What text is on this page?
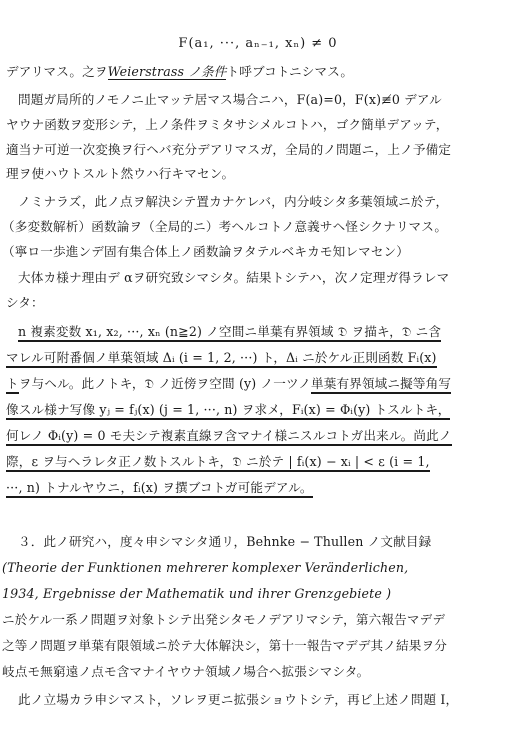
F(a₁, ···, aₙ₋₁, xₙ) ≠ 0
デアリマス。之ヲWeierstrass ノ条件ト呼ブコトニシマス。
問題ガ局所的ノモノニ止マッテ居マス場合ニハ，F(a)=0，F(x)≢0 デアル
ヤウナ函数ヲ変形シテ，上ノ条件ヲミタサシメルコトハ，ゴク簡単デアッテ，
適当ナ可逆一次変換ヲ行ヘバ充分デアリマスガ，全局的ノ問題ニ，上ノ予備定
理ヲ使ハウトスルト然ウハ行キマセン。
ノミナラズ，此ノ点ヲ解決シテ置カナケレバ，内分岐シタ多葉領域ニ於テ，
（多変数解析）函数論ヲ（全局的ニ）考ヘルコトノ意義サヘ怪シクナリマス。
（寧ロ一歩進ンデ固有集合体上ノ函数論ヲタテルベキカモ知レマセン）
大体カ様ナ理由デ αヲ研究致シマシタ。結果トシテハ，次ノ定理ガ得ラレマ
シタ：
n 複素変数 x₁, x₂, ···, xₙ (n≧2) ノ空間ニ単葉有界領域 𝔇 ヲ描キ，𝔇 ニ含
マレル可附番個ノ単葉領域 Δᵢ (i = 1, 2, ···) ト，Δᵢ ニ於ケル正則函数 Fᵢ(x)
トヲ与ヘル。此ノトキ，𝔇 ノ近傍ヲ空間 (y) ノ一ツノ単葉有界領域ニ擬等角写
像スル様ナ写像 yⱼ = fⱼ(x) (j = 1, ···, n) ヲ求メ，Fᵢ(x) = Φᵢ(y) トスルトキ，
何レノ Φᵢ(y) = 0 モ夫シテ複素直線ヲ含マナイ様ニスルコトガ出来ル。尚此ノ
際，ε ヲ与ヘラレタ正ノ数トスルトキ，𝔇 ニ於テ | fᵢ(x) − xᵢ | < ε (i = 1,
···, n) トナルヤウニ，fᵢ(x) ヲ撰ブコトガ可能デアル。
３．此ノ研究ハ，度々申シマシタ通リ，Behnke − Thullen ノ文献目録
(Theorie der Funktionen mehrerer komplexer Veränderlichen,
1934, Ergebnisse der Mathematik und ihrer Grenzgebiete )
ニ於ケル一系ノ問題ヲ対象トシテ出発シタモノデアリマシテ，第六報告マデデ
之等ノ問題ヲ単葉有限領域ニ於テ大体解決シ，第十一報告マデデ其ノ結果ヲ分
岐点モ無窮遠ノ点モ含マナイヤウナ領域ノ場合ヘ拡張シマシタ。
此ノ立場カラ申シマスト，ソレヲ更ニ拡張ショウトシテ，再ビ上述ノ問題 I，
